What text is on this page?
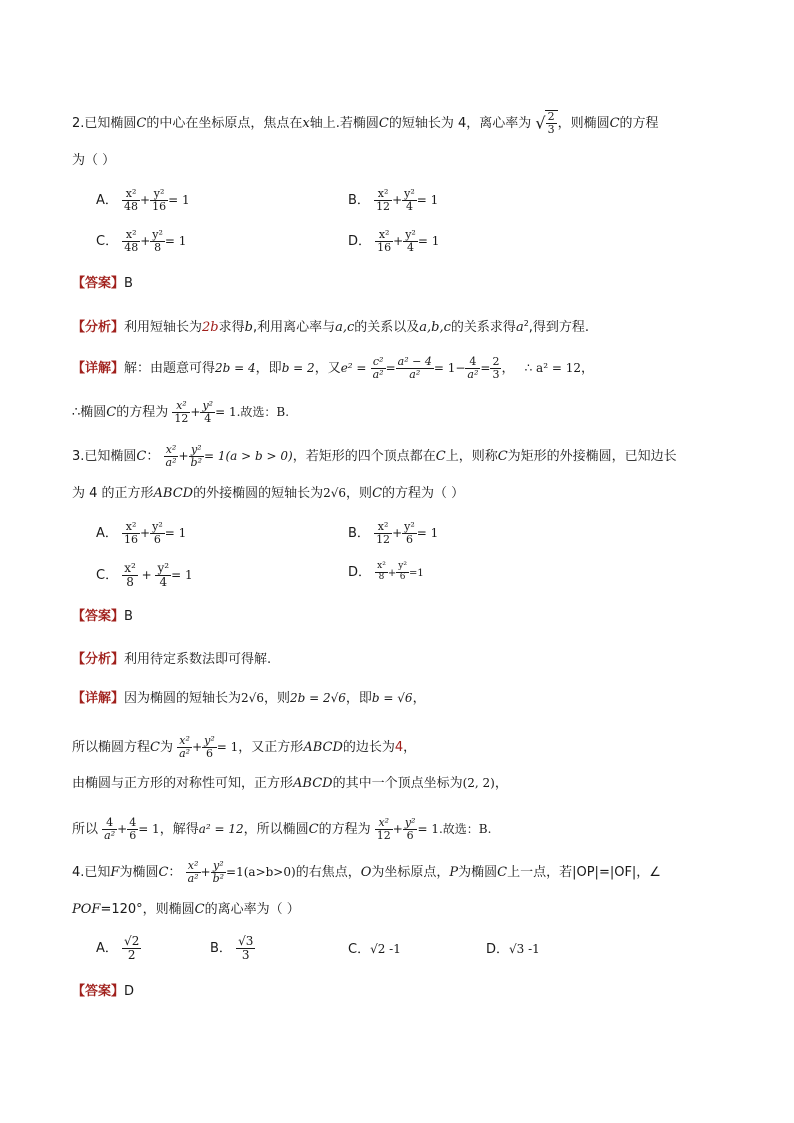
2.已知椭圆C的中心在坐标原点，焦点在x轴上.若椭圆C的短轴长为 4，离心率为 √ $\frac{2}{3}$ ，则椭圆C的方程
为（ ）
A． $\frac{\text{x²}}{48} + \frac{\text{y²}}{16} = 1$	B． $\frac{\text{x²}}{12} + \frac{\text{y²}}{4} = 1$
C． $\frac{\text{x²}}{48} + \frac{\text{y²}}{8} = 1$	D． $\frac{\text{x²}}{16} + \frac{\text{y²}}{4} = 1$
【答案】B
【分析】利用短轴长为2b求得b,利用离心率与a,c的关系以及a,b,c的关系求得$a^2$,得到方程.
【详解】解：由题意可得2b = 4，即b = 2，又$e^2 = \frac{\text{c²}}{\text{a²}} = \frac{\text{a² − 4}}{\text{a²}} = 1- \frac{4}{\text{a²}} = \frac{2}{3}$ ， ∴ a² = 12，
∴椭圆C的方程为 $\frac{\text{x²}}{12} + \frac{\text{y²}}{4} = 1$.故选：B.
3.已知椭圆C： $\frac{\text{x²}}{\text{a²}} + \frac{\text{y²}}{\text{b²}} = 1(a > b > 0)$，若矩形的四个顶点都在C上，则称C为矩形的外接椭圆，已知边长
为 4 的正方形ABCD的外接椭圆的短轴长为2√6，则C的方程为（ ）
A． $\frac{\text{x²}}{16} + \frac{\text{y²}}{6} = 1$	B． $\frac{\text{x²}}{12} + \frac{\text{y²}}{6} = 1$
C． $\frac{\text{x²}}{8} + \frac{\text{y²}}{4} = 1$	D． $\frac{\text{x²}}{8} + \frac{\text{y²}}{6} =1$
【答案】B
【分析】利用待定系数法即可得解.
【详解】因为椭圆的短轴长为2√6，则2b = 2√6，即b = √6，
所以椭圆方程C为 $\frac{\text{x²}}{\text{a²}} + \frac{\text{y²}}{6} = 1$，又正方形ABCD的边长为4，
由椭圆与正方形的对称性可知，正方形ABCD的其中一个顶点坐标为(2, 2)，
所以 $\frac{4}{\text{a²}} + \frac{4}{6} = 1$，解得a² = 12，所以椭圆C的方程为 $\frac{\text{x²}}{12} + \frac{\text{y²}}{6} = 1$.故选：B.
4.已知F为椭圆C： $\frac{\text{x²}}{\text{a²}} + \frac{\text{y²}}{\text{b²}} =1(a>b>0)$的右焦点，O为坐标原点，P为椭圆C上一点，若|OP|=|OF|，∠
POF=120°，则椭圆C的离心率为（ ）
A． $\frac{√2}{2}$	B． $\frac{√3}{3}$	C．√2 -1	D．√3 -1
【答案】D
